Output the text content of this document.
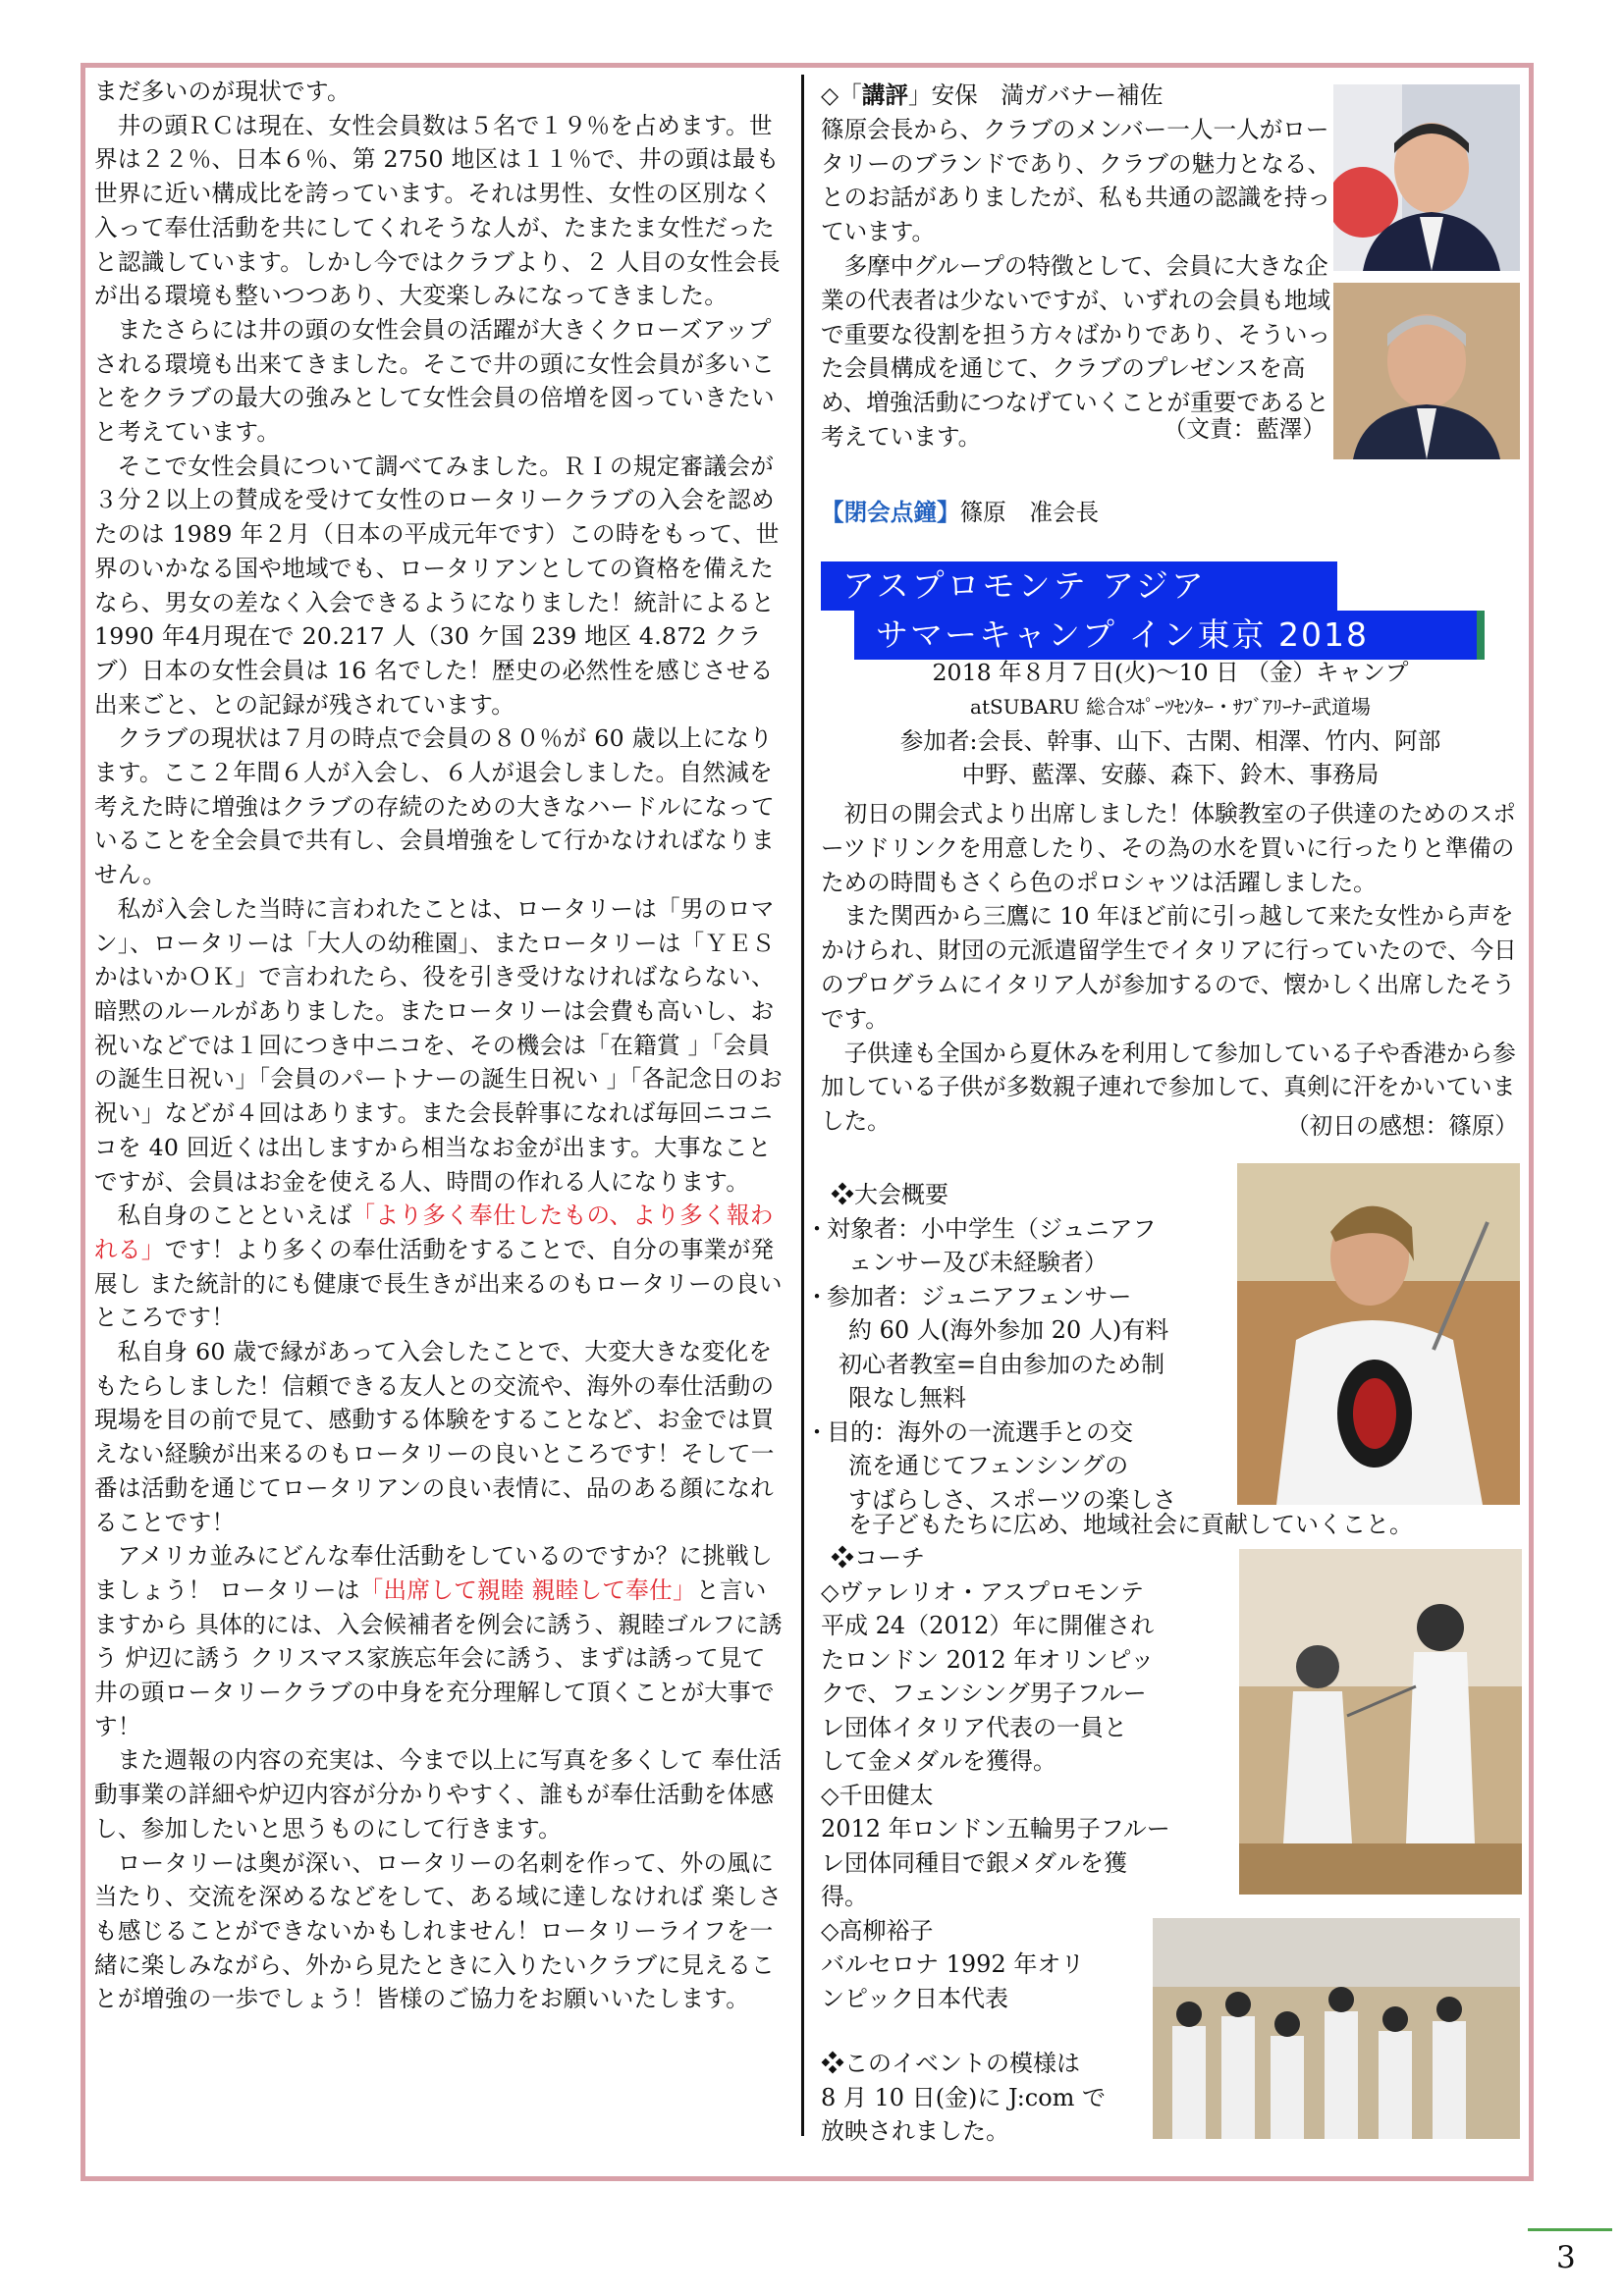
まだ多いのが現状です。

井の頭ＲＣは現在、女性会員数は５名で１９％を占めます。世界は２２％、日本６％、第 2750 地区は１１％で、井の頭は最も世界に近い構成比を誇っています。それは男性、女性の区別なく入って奉仕活動を共にしてくれそうな人が、たまたま女性だったと認識しています。しかし今ではクラブより、２ 人目の女性会長が出る環境も整いつつあり、大変楽しみになってきました。

またさらには井の頭の女性会員の活躍が大きくクローズアップされる環境も出来てきました。そこで井の頭に女性会員が多いことをクラブの最大の強みとして女性会員の倍増を図っていきたいと考えています。

そこで女性会員について調べてみました。ＲＩの規定審議会が３分２以上の賛成を受けて女性のロータリークラブの入会を認めたのは 1989 年２月（日本の平成元年です）この時をもって、世界のいかなる国や地域でも、ロータリアンとしての資格を備えたなら、男女の差なく入会できるようになりました！統計によると 1990 年4月現在で 20.217 人（30 ケ国 239 地区 4.872 クラブ）日本の女性会員は 16 名でした！歴史の必然性を感じさせる出来ごと、との記録が残されています。

クラブの現状は７月の時点で会員の８０％が 60 歳以上になります。ここ２年間６人が入会し、６人が退会しました。自然減を考えた時に増強はクラブの存続のための大きなハードルになっていることを全会員で共有し、会員増強をして行かなければなりません。

私が入会した当時に言われたことは、ロータリーは「男のロマン」、ロータリーは「大人の幼稚園」、またロータリーは「ＹＥＳかはいかＯＫ」で言われたら、役を引き受けなければならない、暗黙のルールがありました。またロータリーは会費も高いし、お祝いなどでは１回につき中ニコを、その機会は「在籍賞 」「会員の誕生日祝い」「会員のパートナーの誕生日祝い 」「各記念日のお祝い」などが４回はあります。また会長幹事になれば毎回ニコニコを 40 回近くは出しますから相当なお金が出ます。大事なことですが、会員はお金を使える人、時間の作れる人になります。

私自身のことといえば「より多く奉仕したもの、より多く報われる」です！より多くの奉仕活動をすることで、自分の事業が発展し また統計的にも健康で長生きが出来るのもロータリーの良いところです！

私自身 60 歳で縁があって入会したことで、大変大きな変化をもたらしました！信頼できる友人との交流や、海外の奉仕活動の現場を目の前で見て、感動する体験をすることなど、お金では買えない経験が出来るのもロータリーの良いところです！そして一番は活動を通じてロータリアンの良い表情に、品のある顔になれることです！

アメリカ並みにどんな奉仕活動をしているのですか？に挑戦しましょう！ ロータリーは「出席して親睦 親睦して奉仕」と言いますから 具体的には、入会候補者を例会に誘う、親睦ゴルフに誘う 炉辺に誘う クリスマス家族忘年会に誘う、まずは誘って見て 井の頭ロータリークラブの中身を充分理解して頂くことが大事です！

また週報の内容の充実は、今まで以上に写真を多くして 奉仕活動事業の詳細や炉辺内容が分かりやすく、誰もが奉仕活動を体感し、参加したいと思うものにして行きます。

ロータリーは奥が深い、ロータリーの名刺を作って、外の風に当たり、交流を深めるなどをして、ある域に達しなければ 楽しさも感じることができないかもしれません！ロータリーライフを一緒に楽しみながら、外から見たときに入りたいクラブに見えることが増強の一歩でしょう！皆様のご協力をお願いいたします。

◇「講評」安保　満ガバナー補佐

篠原会長から、クラブのメンバー一人一人がロータリーのブランドであり、クラブの魅力となる、とのお話がありましたが、私も共通の認識を持っています。

多摩中グループの特徴として、会員に大きな企業の代表者は少ないですが、いずれの会員も地域で重要な役割を担う方々ばかりであり、そういった会員構成を通じて、クラブのプレゼンスを高め、増強活動につなげていくことが重要であると考えています。	（文責：藍澤）

【閉会点鐘】篠原　准会長

アスプロモンテ アジア
サマーキャンプ イン東京 2018

2018 年８月７日(火)〜10 日 （金）キャンプ

atSUBARU 総合ｽﾎﾟｰﾂｾﾝﾀｰ・ｻﾌﾞｱﾘｰﾅｰ武道場

参加者:会長、幹事、山下、古閑、相澤、竹内、阿部

中野、藍澤、安藤、森下、鈴木、事務局

初日の開会式より出席しました！体験教室の子供達のためのスポーツドリンクを用意したり、その為の水を買いに行ったりと準備のための時間もさくら色のポロシャツは活躍しました。

また関西から三鷹に 10 年ほど前に引っ越して来た女性から声をかけられ、財団の元派遣留学生でイタリアに行っていたので、今日のプログラムにイタリア人が参加するので、懐かしく出席したそうです。

子供達も全国から夏休みを利用して参加している子や香港から参加している子供が多数親子連れで参加して、真剣に汗をかいていました。	（初日の感想：篠原）

❖大会概要

・
対象者：小中学生（ジュニアフ
ェンサー及び未経験者）
・
参加者：ジュニアフェンサー
約 60 人(海外参加 20 人)有料
初心者教室=自由参加のため制
限なし無料
・
目的：海外の一流選手との交
流を通じてフェンシングの
すばらしさ、スポーツの楽しさ
を子どもたちに広め、地域社会に貢献していくこと。

❖コーチ

◇ヴァレリオ・アスプロモンテ

平成 24（2012）年に開催され
たロンドン 2012 年オリンピッ
クで、フェンシング男子フルー
レ団体イタリア代表の一員と
して金メダルを獲得。

◇千田健太

2012 年ロンドン五輪男子フルー
レ団体同種目で銀メダルを獲
得。

◇高柳裕子

バルセロナ 1992 年オリ
ンピック日本代表
❖このイベントの模様は
8 月 10 日(金)に J:com で
放映されました。
3
